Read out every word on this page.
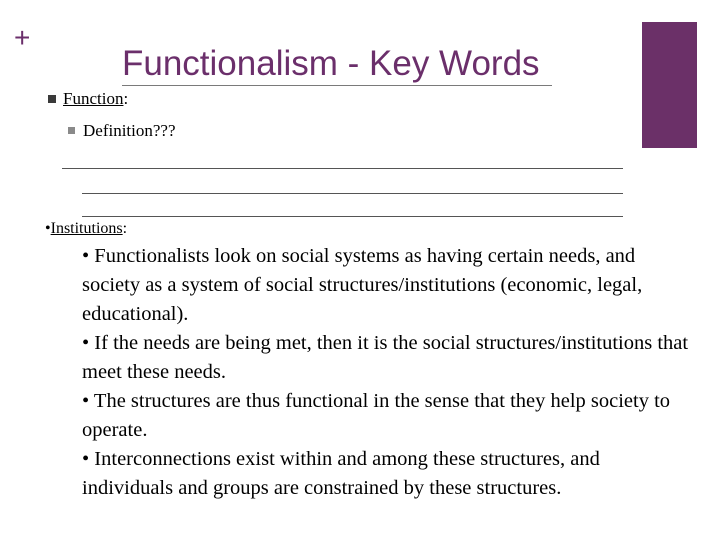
+
Functionalism - Key Words
Function:
Definition???
•Institutions:

• Functionalists look on social systems as having certain needs, and society as a system of social structures/institutions (economic, legal, educational).

• If the needs are being met, then it is the social structures/institutions that meet these needs.

• The structures are thus functional in the sense that they help society to operate.

• Interconnections exist within and among these structures, and individuals and groups are constrained by these structures.
